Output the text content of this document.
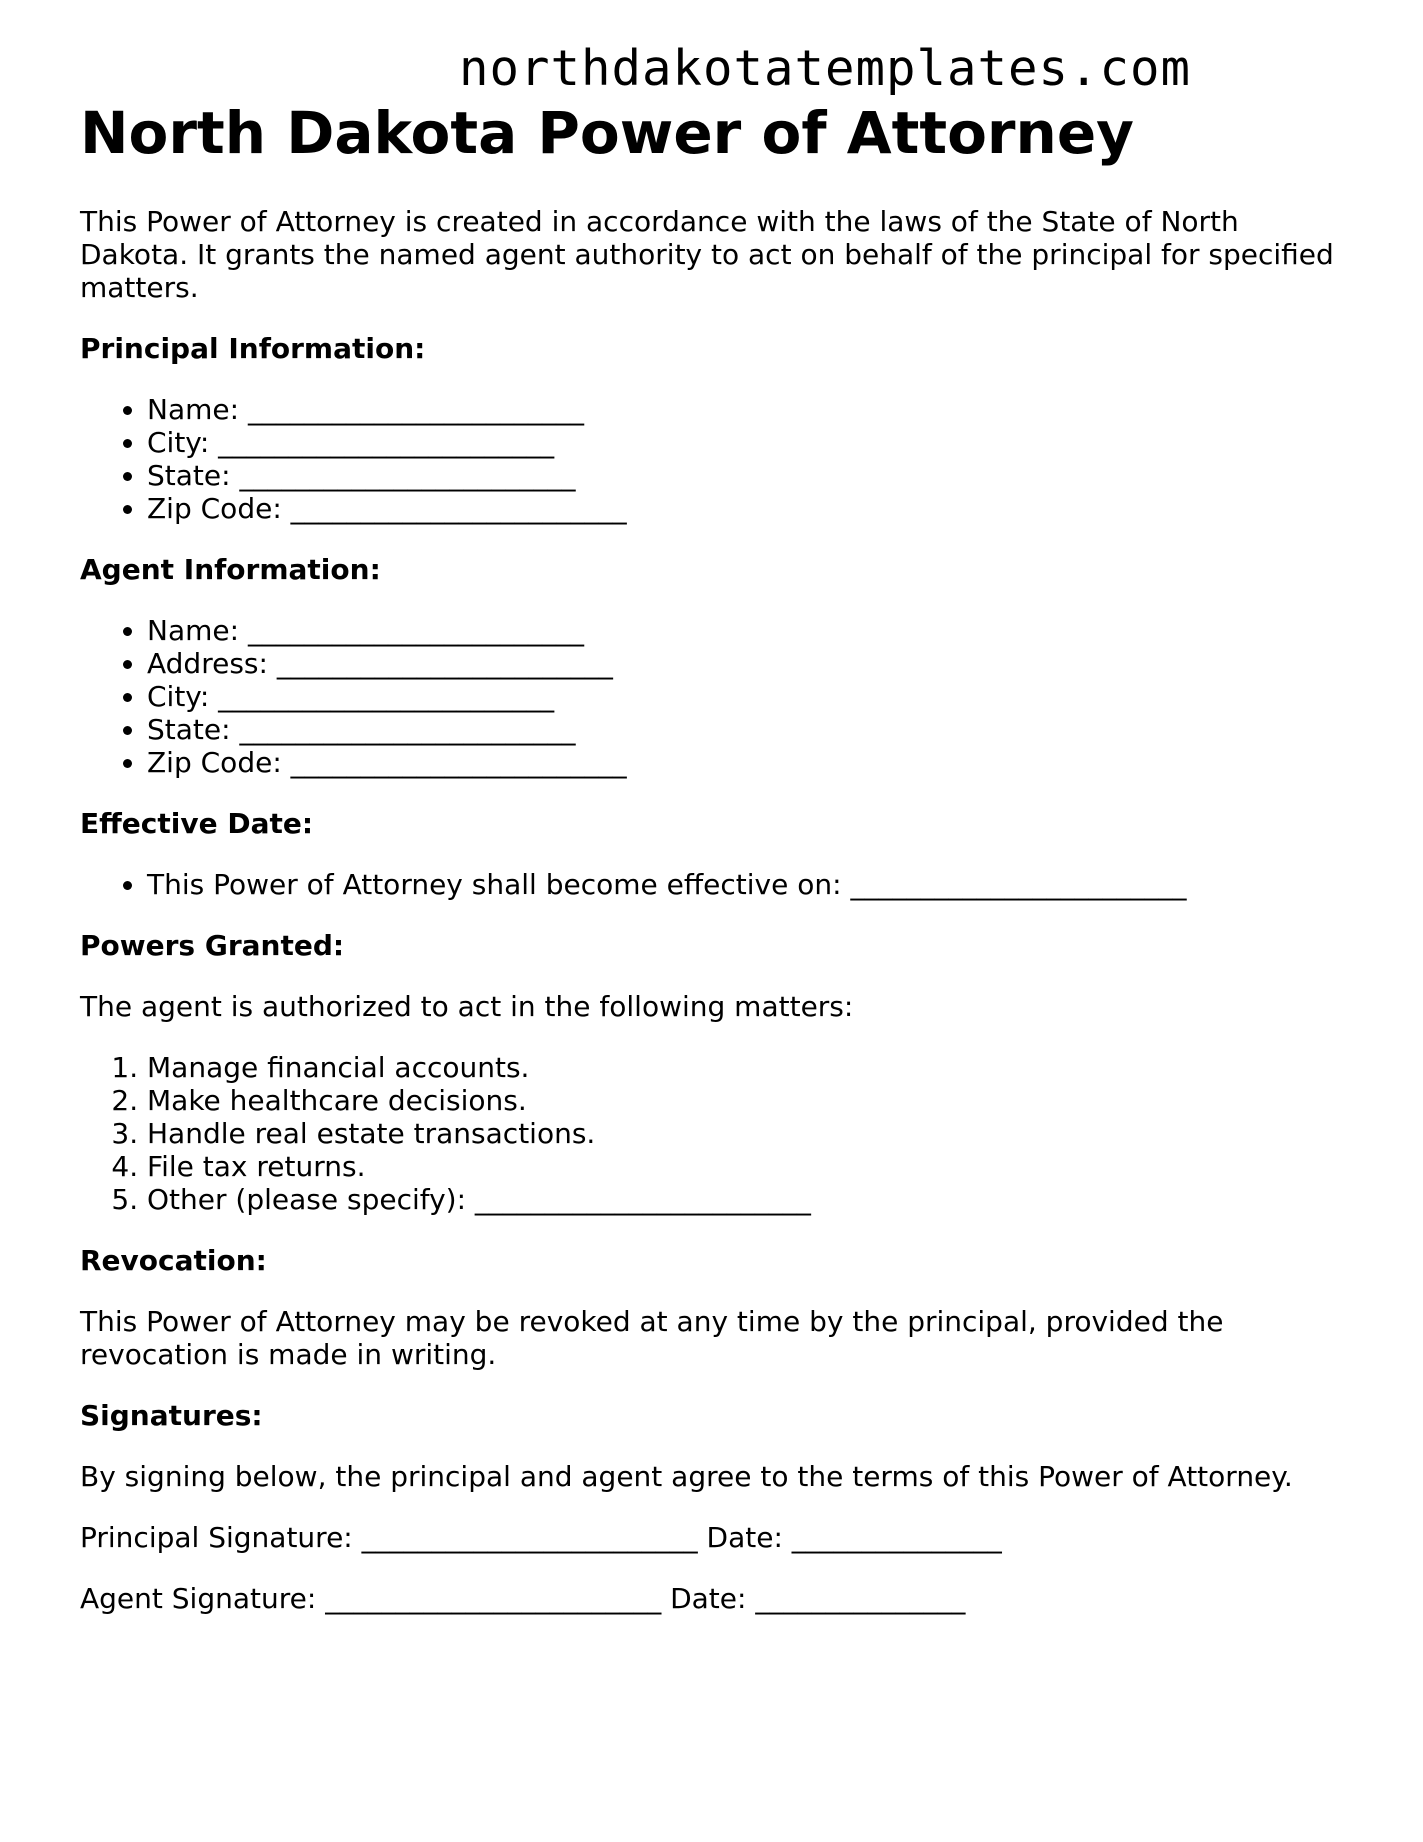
northdakotatemplates.com
North Dakota Power of Attorney

This Power of Attorney is created in accordance with the laws of the State of North Dakota. It grants the named agent authority to act on behalf of the principal for specified matters.

Principal Information:
• Name: ________________________
• City: ________________________
• State: ________________________
• Zip Code: ________________________
Agent Information:
• Name: ________________________
• Address: ________________________
• City: ________________________
• State: ________________________
• Zip Code: ________________________
Effective Date:
• This Power of Attorney shall become effective on: ________________________
Powers Granted:

The agent is authorized to act in the following matters:

1. Manage financial accounts.
2. Make healthcare decisions.
3. Handle real estate transactions.
4. File tax returns.
5. Other (please specify): ________________________
Revocation:

This Power of Attorney may be revoked at any time by the principal, provided the revocation is made in writing.

Signatures:

By signing below, the principal and agent agree to the terms of this Power of Attorney.

Principal Signature: ________________________ Date: _______________

Agent Signature: ________________________ Date: _______________
